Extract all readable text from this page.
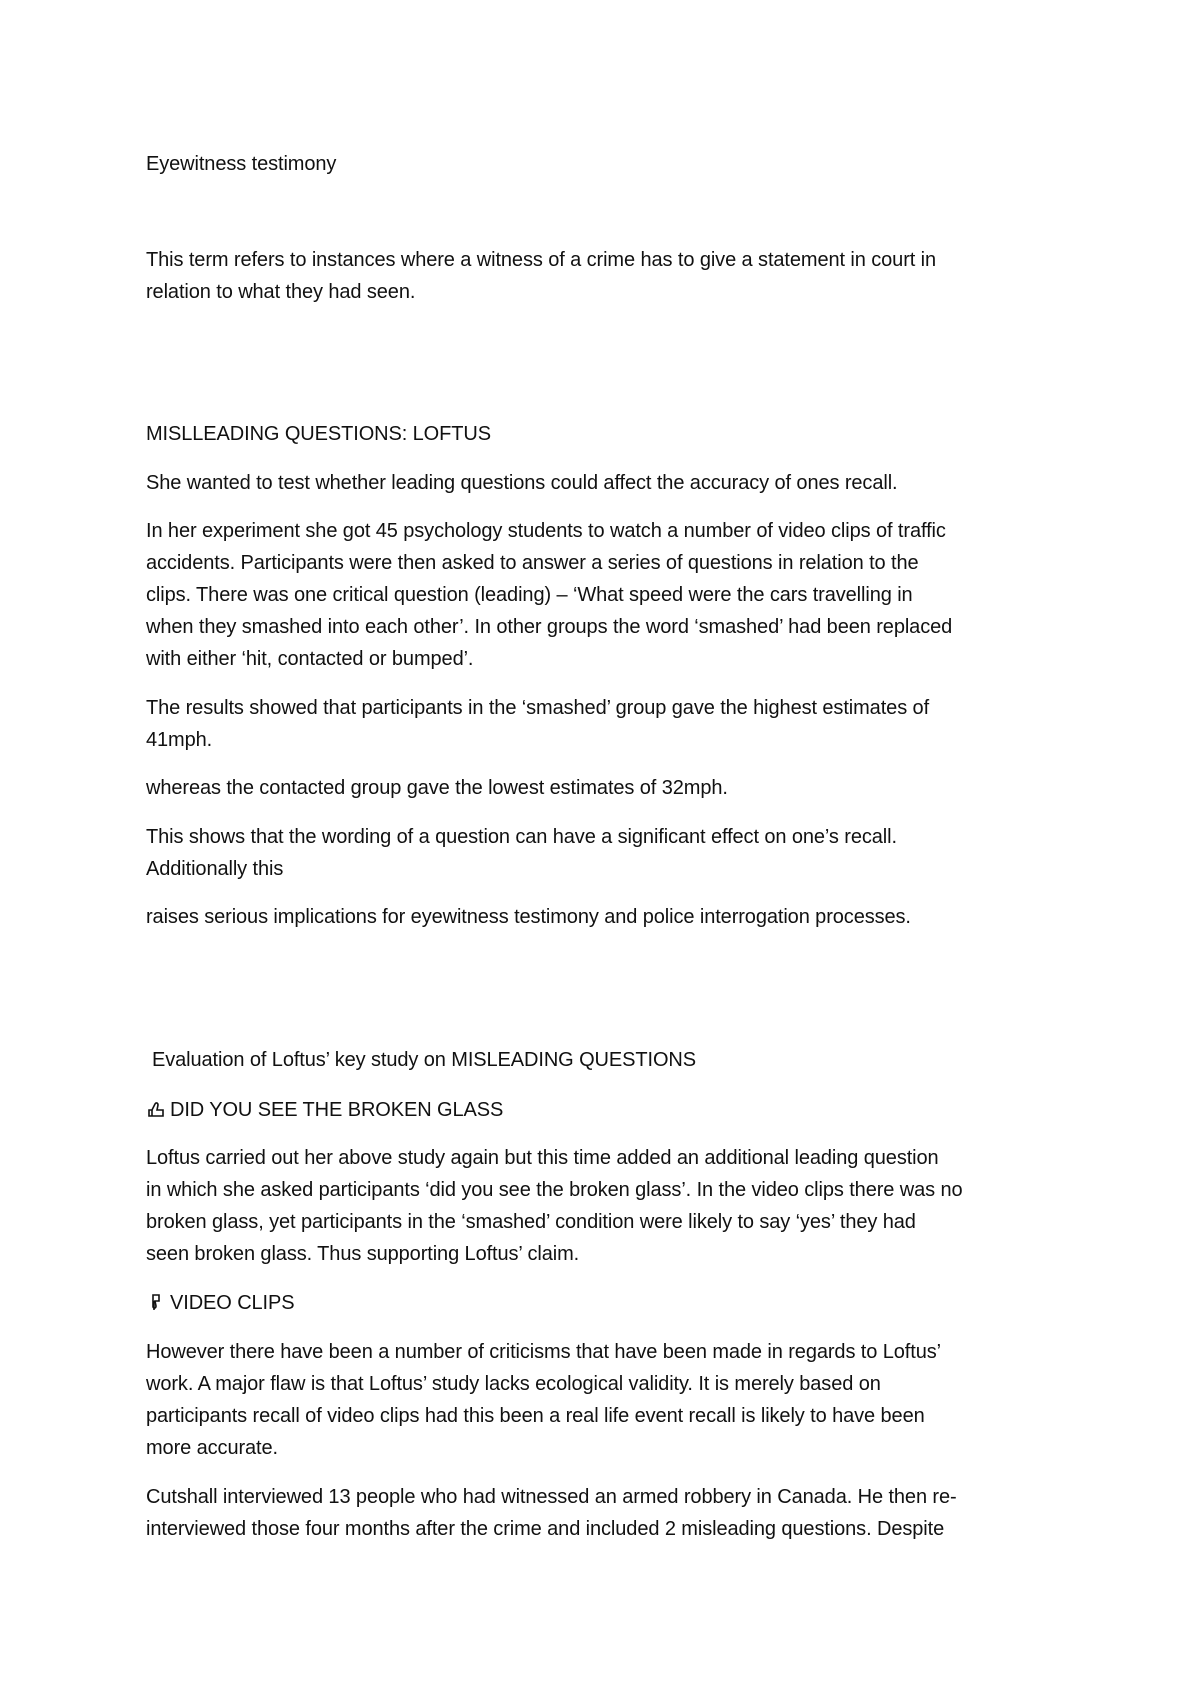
Eyewitness testimony

This term refers to instances where a witness of a crime has to give a statement in court in

relation to what they had seen.

MISLLEADING QUESTIONS: LOFTUS

She wanted to test whether leading questions could affect the accuracy of ones recall.

In her experiment she got 45 psychology students to watch a number of video clips of traffic

accidents. Participants were then asked to answer a series of questions in relation to the

clips. There was one critical question (leading) – ‘What speed were the cars travelling in

when they smashed into each other’. In other groups the word ‘smashed’ had been replaced

with either ‘hit, contacted or bumped’.

The results showed that participants in the ‘smashed’ group gave the highest estimates of

41mph.

whereas the contacted group gave the lowest estimates of 32mph.

This shows that the wording of a question can have a significant effect on one’s recall.

Additionally this

raises serious implications for eyewitness testimony and police interrogation processes.

Evaluation of Loftus’ key study on MISLEADING QUESTIONS

DID YOU SEE THE BROKEN GLASS

Loftus carried out her above study again but this time added an additional leading question

in which she asked participants ‘did you see the broken glass’. In the video clips there was no

broken glass, yet participants in the ‘smashed’ condition were likely to say ‘yes’ they had

seen broken glass. Thus supporting Loftus’ claim.

VIDEO CLIPS

However there have been a number of criticisms that have been made in regards to Loftus’

work. A major flaw is that Loftus’ study lacks ecological validity. It is merely based on

participants recall of video clips had this been a real life event recall is likely to have been

more accurate.

Cutshall interviewed 13 people who had witnessed an armed robbery in Canada. He then re-

interviewed those four months after the crime and included 2 misleading questions. Despite
